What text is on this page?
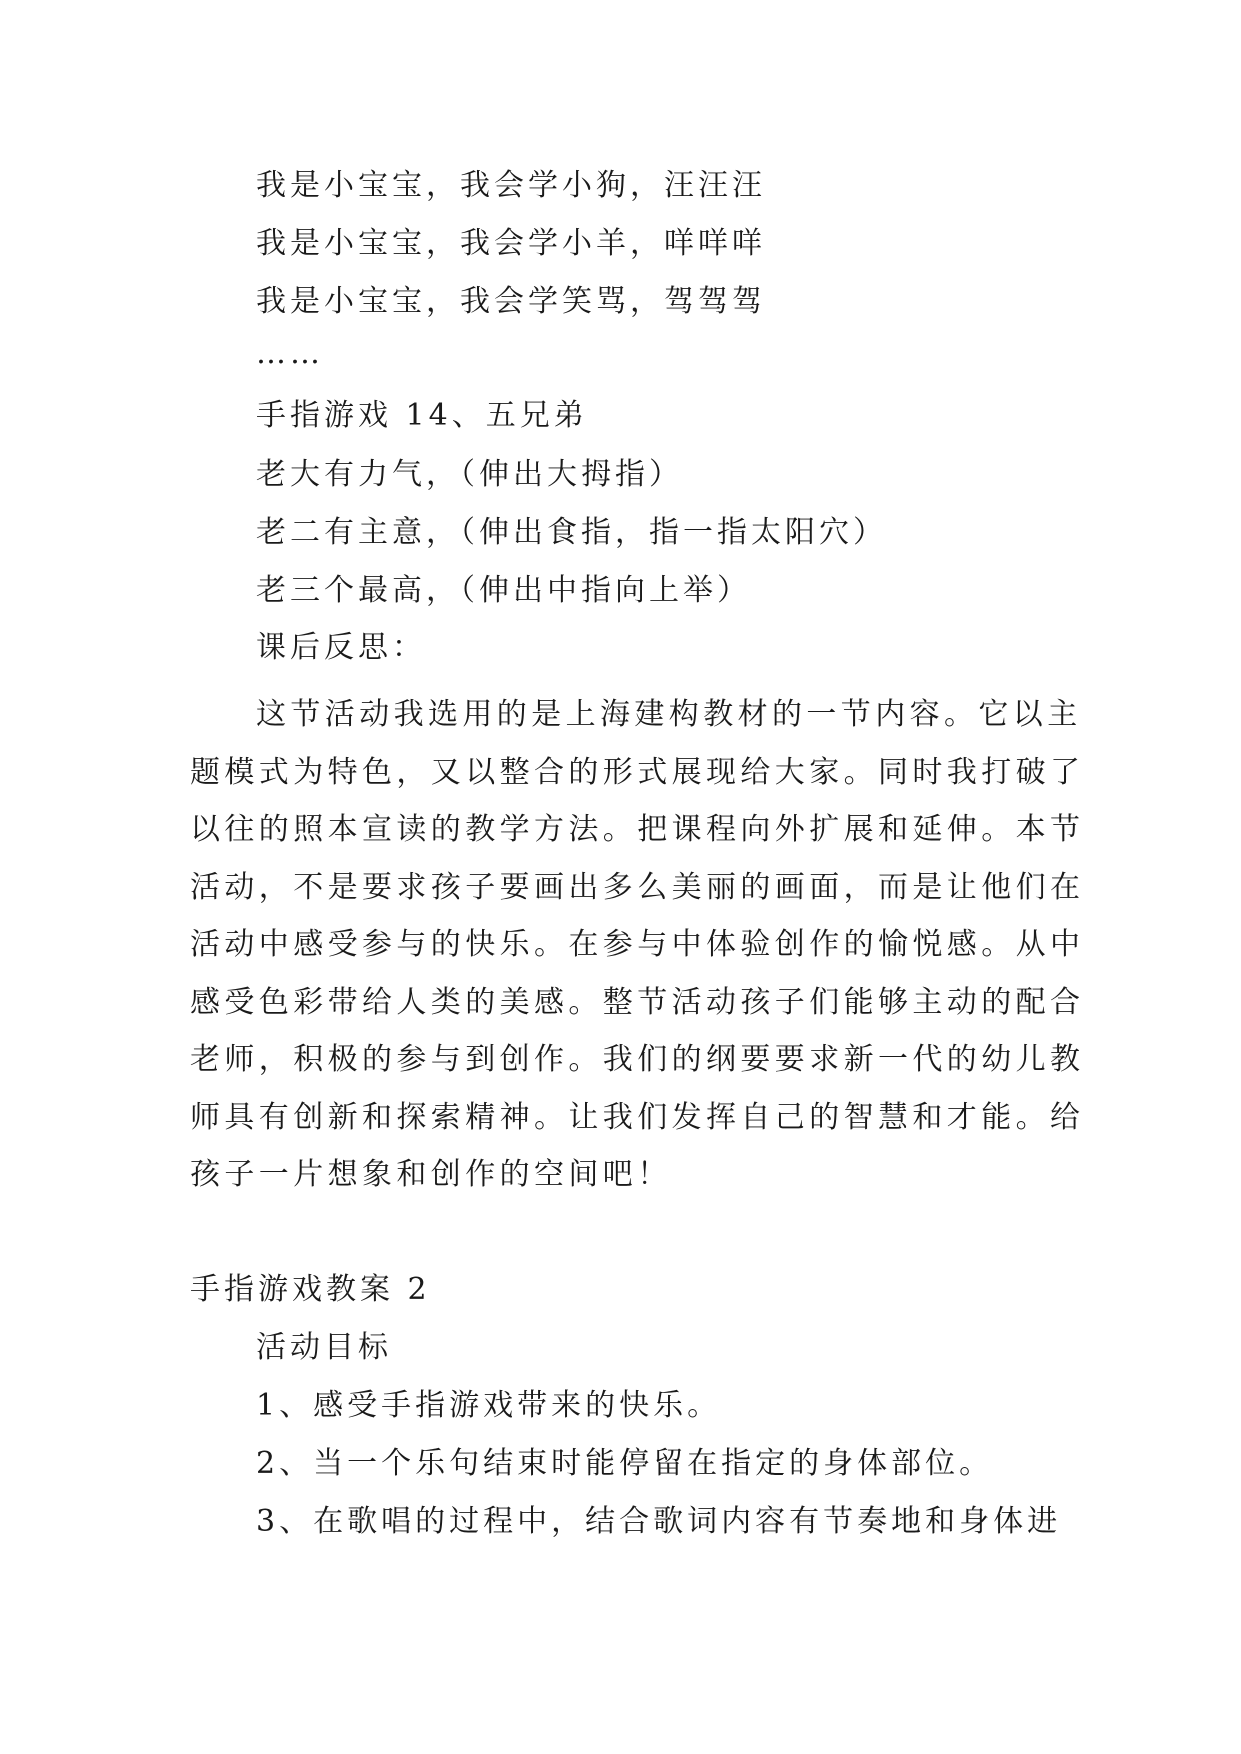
我是小宝宝，我会学小狗，汪汪汪

我是小宝宝，我会学小羊，咩咩咩

我是小宝宝，我会学笑骂，驾驾驾

……

手指游戏 14、五兄弟

老大有力气，（伸出大拇指）

老二有主意，（伸出食指，指一指太阳穴）

老三个最高，（伸出中指向上举）

课后反思：

这节活动我选用的是上海建构教材的一节内容。它以主
题模式为特色，又以整合的形式展现给大家。同时我打破了
以往的照本宣读的教学方法。把课程向外扩展和延伸。本节
活动，不是要求孩子要画出多么美丽的画面，而是让他们在
活动中感受参与的快乐。在参与中体验创作的愉悦感。从中
感受色彩带给人类的美感。整节活动孩子们能够主动的配合
老师，积极的参与到创作。我们的纲要要求新一代的幼儿教
师具有创新和探索精神。让我们发挥自己的智慧和才能。给
孩子一片想象和创作的空间吧！

手指游戏教案 2

活动目标

1、感受手指游戏带来的快乐。

2、当一个乐句结束时能停留在指定的身体部位。

3、在歌唱的过程中，结合歌词内容有节奏地和身体进
